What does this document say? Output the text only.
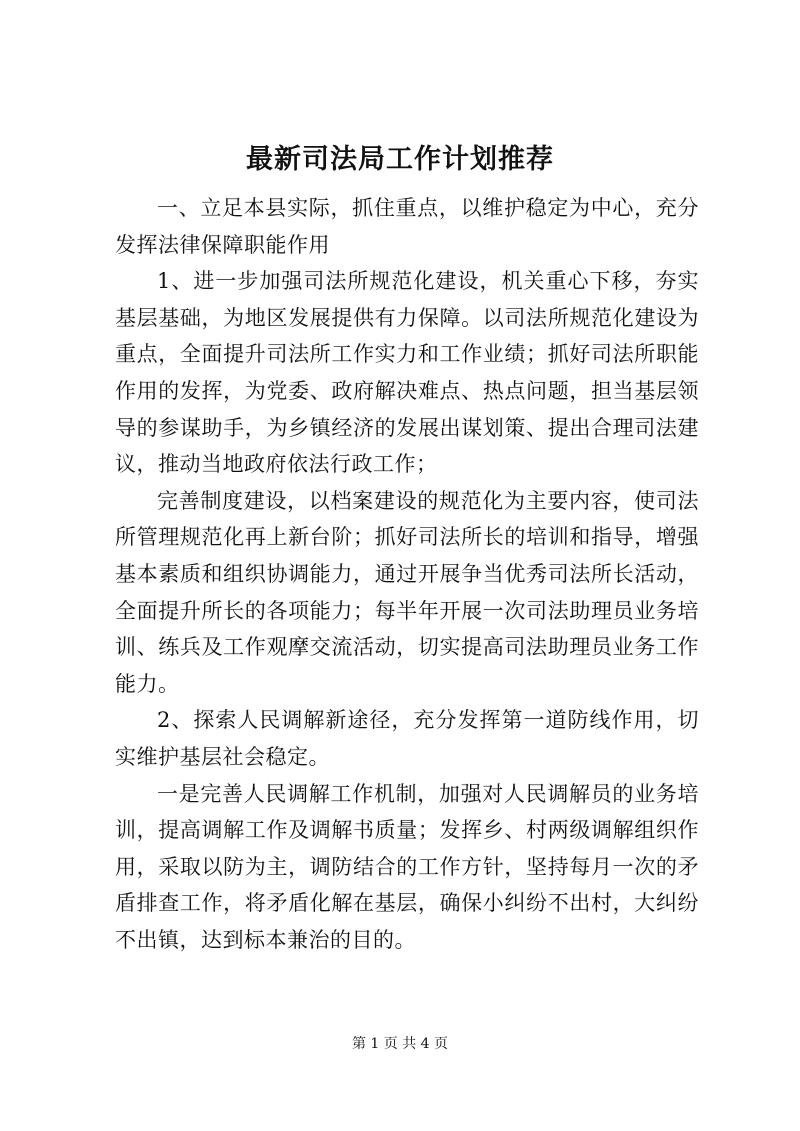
最新司法局工作计划推荐

一、立足本县实际，抓住重点，以维护稳定为中心，充分发挥法律保障职能作用

1、进一步加强司法所规范化建设，机关重心下移，夯实基层基础，为地区发展提供有力保障。以司法所规范化建设为重点，全面提升司法所工作实力和工作业绩；抓好司法所职能作用的发挥，为党委、政府解决难点、热点问题，担当基层领导的参谋助手，为乡镇经济的发展出谋划策、提出合理司法建议，推动当地政府依法行政工作；

完善制度建设，以档案建设的规范化为主要内容，使司法所管理规范化再上新台阶；抓好司法所长的培训和指导，增强基本素质和组织协调能力，通过开展争当优秀司法所长活动，全面提升所长的各项能力；每半年开展一次司法助理员业务培训、练兵及工作观摩交流活动，切实提高司法助理员业务工作能力。

2、探索人民调解新途径，充分发挥第一道防线作用，切实维护基层社会稳定。

一是完善人民调解工作机制，加强对人民调解员的业务培训，提高调解工作及调解书质量；发挥乡、村两级调解组织作用，采取以防为主，调防结合的工作方针，坚持每月一次的矛盾排查工作，将矛盾化解在基层，确保小纠纷不出村，大纠纷不出镇，达到标本兼治的目的。

第 1 页 共 4 页
